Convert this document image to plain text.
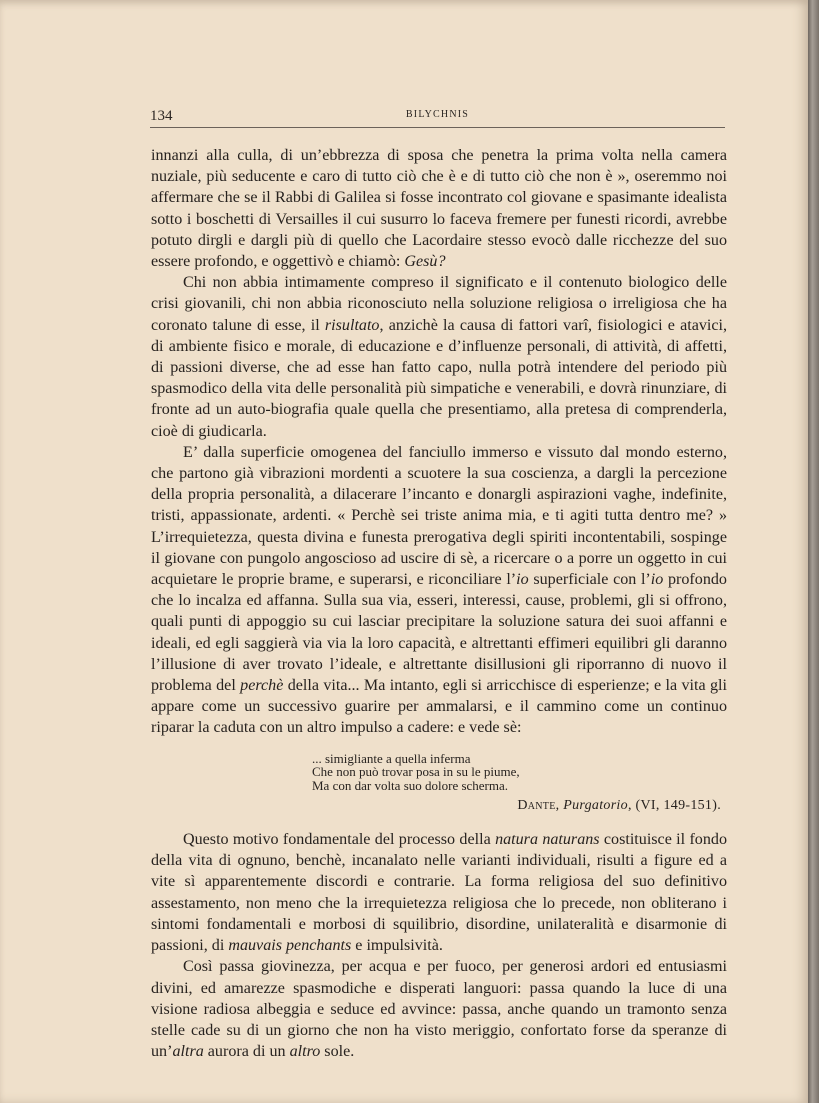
134	BILYCHNIS

innanzi alla culla, di un’ebbrezza di sposa che penetra la prima volta nella camera nuziale, più seducente e caro di tutto ciò che è e di tutto ciò che non è », oseremmo noi affermare che se il Rabbi di Galilea si fosse incontrato col giovane e spasimante idealista sotto i boschetti di Versailles il cui susurro lo faceva fremere per funesti ricordi, avrebbe potuto dirgli e dargli più di quello che Lacordaire stesso evocò dalle ricchezze del suo essere profondo, e oggettivò e chiamò: Gesù?

Chi non abbia intimamente compreso il significato e il contenuto biologico delle crisi giovanili, chi non abbia riconosciuto nella soluzione religiosa o irreligiosa che ha coronato talune di esse, il risultato, anzichè la causa di fattori varî, fisiologici e atavici, di ambiente fisico e morale, di educazione e d’influenze personali, di attività, di affetti, di passioni diverse, che ad esse han fatto capo, nulla potrà intendere del periodo più spasmodico della vita delle personalità più simpatiche e venerabili, e dovrà rinunziare, di fronte ad un auto-biografia quale quella che presentiamo, alla pretesa di comprenderla, cioè di giudicarla.

E’ dalla superficie omogenea del fanciullo immerso e vissuto dal mondo esterno, che partono già vibrazioni mordenti a scuotere la sua coscienza, a dargli la percezione della propria personalità, a dilacerare l’incanto e donargli aspirazioni vaghe, indefinite, tristi, appassionate, ardenti. « Perchè sei triste anima mia, e ti agiti tutta dentro me? » L’irrequietezza, questa divina e funesta prerogativa degli spiriti incontentabili, sospinge il giovane con pungolo angoscioso ad uscire di sè, a ricercare o a porre un oggetto in cui acquietare le proprie brame, e superarsi, e riconciliare l’io superficiale con l’io profondo che lo incalza ed affanna. Sulla sua via, esseri, interessi, cause, problemi, gli si offrono, quali punti di appoggio su cui lasciar precipitare la soluzione satura dei suoi affanni e ideali, ed egli saggierà via via la loro capacità, e altrettanti effimeri equilibri gli daranno l’illusione di aver trovato l’ideale, e altrettante disillusioni gli riporranno di nuovo il problema del perchè della vita... Ma intanto, egli si arricchisce di esperienze; e la vita gli appare come un successivo guarire per ammalarsi, e il cammino come un continuo riparar la caduta con un altro impulso a cadere: e vede sè:

... simigliante a quella inferma
Che non può trovar posa in su le piume,
Ma con dar volta suo dolore scherma.
Dante, Purgatorio, (VI, 149-151).

Questo motivo fondamentale del processo della natura naturans costituisce il fondo della vita di ognuno, benchè, incanalato nelle varianti individuali, risulti a figure ed a vite sì apparentemente discordi e contrarie. La forma religiosa del suo definitivo assestamento, non meno che la irrequietezza religiosa che lo precede, non obliterano i sintomi fondamentali e morbosi di squilibrio, disordine, unilateralità e disarmonie di passioni, di mauvais penchants e impulsività.

Così passa giovinezza, per acqua e per fuoco, per generosi ardori ed entusiasmi divini, ed amarezze spasmodiche e disperati languori: passa quando la luce di una visione radiosa albeggia e seduce ed avvince: passa, anche quando un tramonto senza stelle cade su di un giorno che non ha visto meriggio, confortato forse da speranze di un’altra aurora di un altro sole.
